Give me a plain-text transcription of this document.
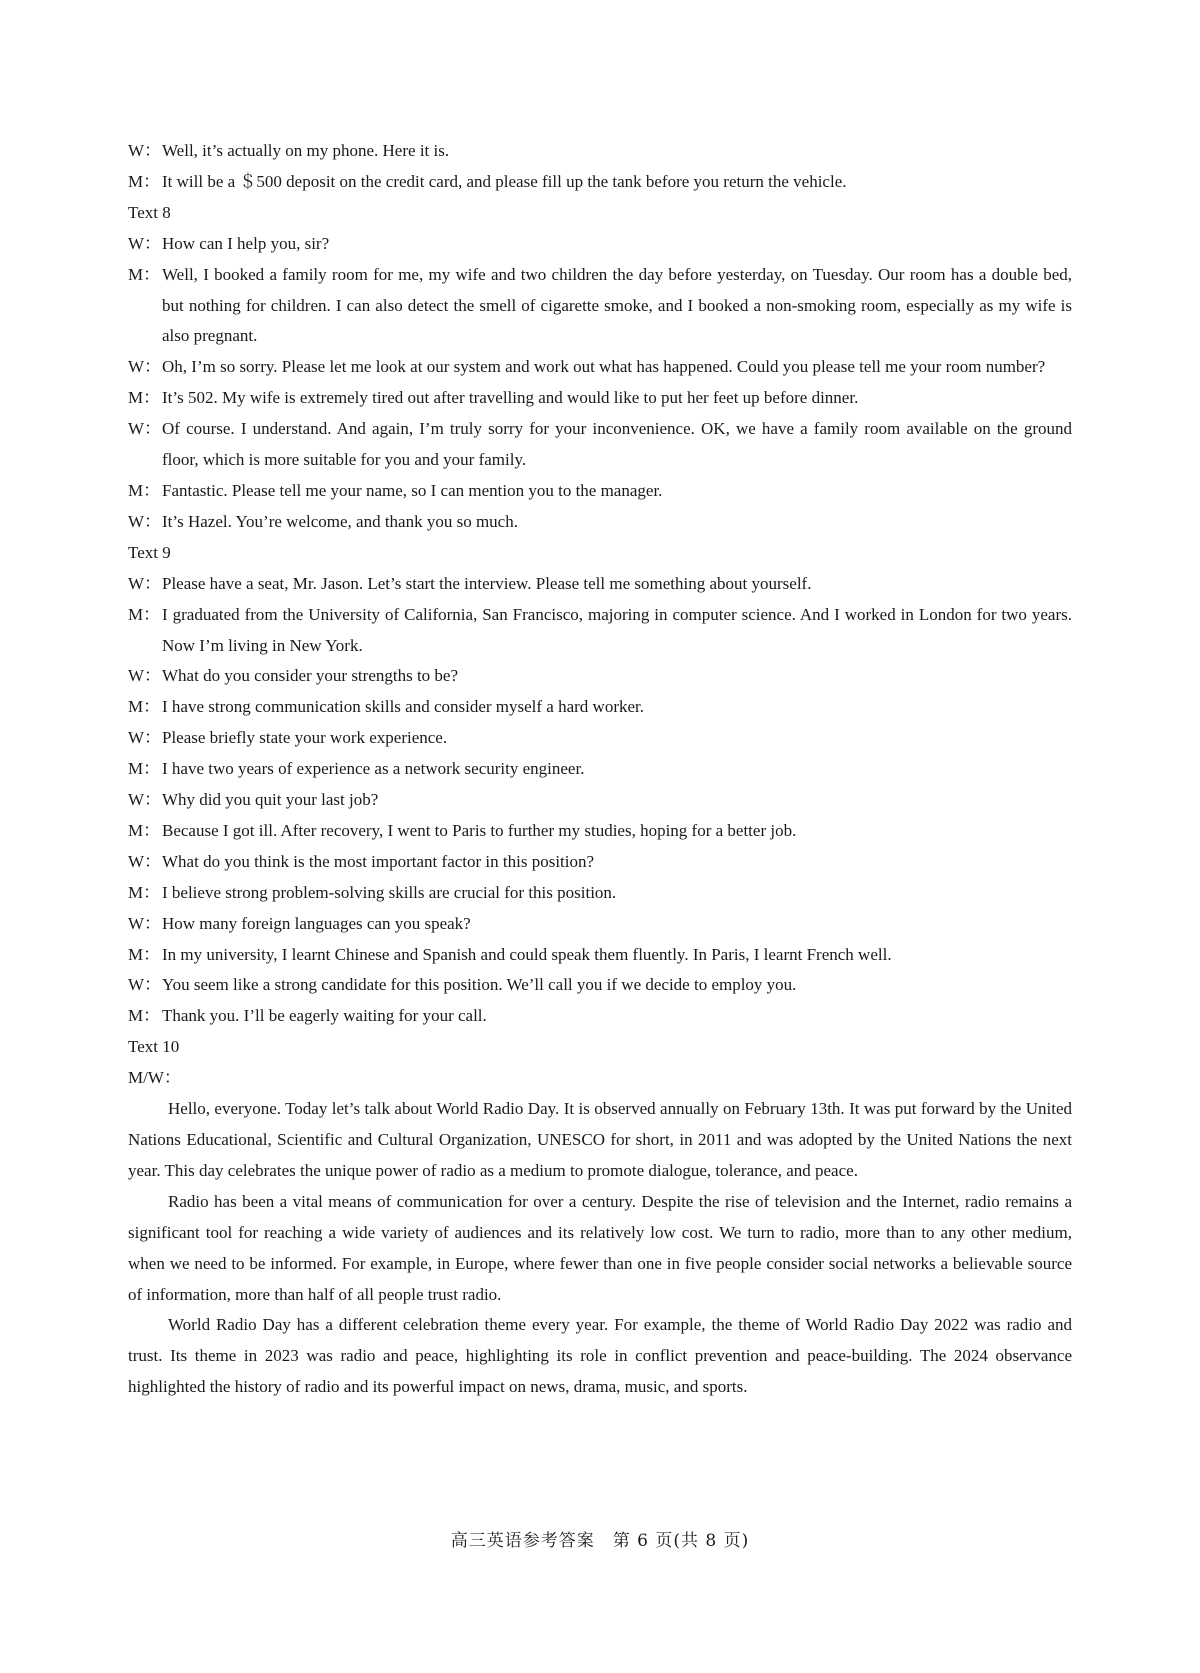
W：Well, it’s actually on my phone. Here it is.
M： It will be a ＄500 deposit on the credit card, and please fill up the tank before you return the vehicle.
Text 8
W：How can I help you, sir?
M： Well, I booked a family room for me, my wife and two children the day before yesterday, on Tuesday. Our room has a double bed, but nothing for children. I can also detect the smell of cigarette smoke, and I booked a non-smoking room, especially as my wife is also pregnant.
W：Oh, I’m so sorry. Please let me look at our system and work out what has happened. Could you please tell me your room number?
M： It’s 502. My wife is extremely tired out after travelling and would like to put her feet up before dinner.
W：Of course. I understand. And again, I’m truly sorry for your inconvenience. OK, we have a family room available on the ground floor, which is more suitable for you and your family.
M： Fantastic. Please tell me your name, so I can mention you to the manager.
W：It’s Hazel. You’re welcome, and thank you so much.
Text 9
W：Please have a seat, Mr. Jason. Let’s start the interview. Please tell me something about yourself.
M： I graduated from the University of California, San Francisco, majoring in computer science. And I worked in London for two years. Now I’m living in New York.
W：What do you consider your strengths to be?
M： I have strong communication skills and consider myself a hard worker.
W：Please briefly state your work experience.
M： I have two years of experience as a network security engineer.
W：Why did you quit your last job?
M： Because I got ill. After recovery, I went to Paris to further my studies, hoping for a better job.
W：What do you think is the most important factor in this position?
M： I believe strong problem-solving skills are crucial for this position.
W：How many foreign languages can you speak?
M： In my university, I learnt Chinese and Spanish and could speak them fluently. In Paris, I learnt French well.
W：You seem like a strong candidate for this position. We’ll call you if we decide to employ you.
M： Thank you. I’ll be eagerly waiting for your call.
Text 10
M/W：
Hello, everyone. Today let’s talk about World Radio Day. It is observed annually on February 13th. It was put forward by the United Nations Educational, Scientific and Cultural Organization, UNESCO for short, in 2011 and was adopted by the United Nations the next year. This day celebrates the unique power of radio as a medium to promote dialogue, tolerance, and peace.
Radio has been a vital means of communication for over a century. Despite the rise of television and the Internet, radio remains a significant tool for reaching a wide variety of audiences and its relatively low cost. We turn to radio, more than to any other medium, when we need to be informed. For example, in Europe, where fewer than one in five people consider social networks a believable source of information, more than half of all people trust radio.
World Radio Day has a different celebration theme every year. For example, the theme of World Radio Day 2022 was radio and trust. Its theme in 2023 was radio and peace, highlighting its role in conflict prevention and peace-building. The 2024 observance highlighted the history of radio and its powerful impact on news, drama, music, and sports.
高三英语参考答案　第 6 页(共 8 页)
